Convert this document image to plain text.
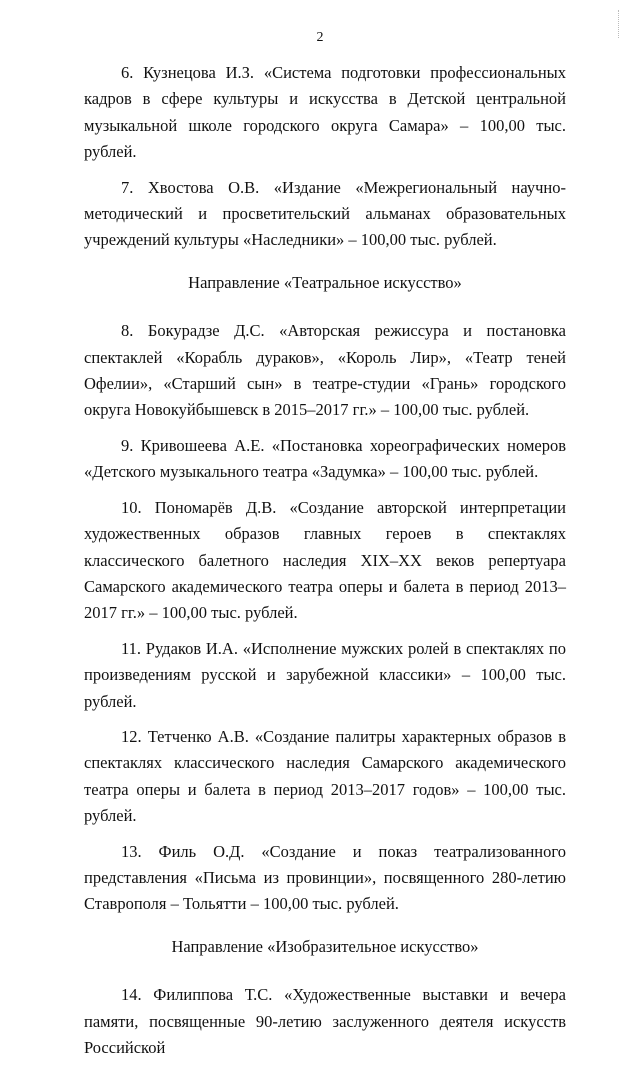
2

6. Кузнецова И.З. «Система подготовки профессиональных кадров в сфере культуры и искусства в Детской центральной музыкальной школе городского округа Самара» – 100,00 тыс. рублей.

7. Хвостова О.В. «Издание «Межрегиональный научно-методический и просветительский альманах образовательных учреждений культуры «Наследники» – 100,00 тыс. рублей.

Направление «Театральное искусство»

8. Бокурадзе Д.С. «Авторская режиссура и постановка спектаклей «Корабль дураков», «Король Лир», «Театр теней Офелии», «Старший сын» в театре-студии «Грань» городского округа Новокуйбышевск в 2015–2017 гг.» – 100,00 тыс. рублей.

9. Кривошеева А.Е. «Постановка хореографических номеров «Детского музыкального театра «Задумка» – 100,00 тыс. рублей.

10. Пономарёв Д.В. «Создание авторской интерпретации художественных образов главных героев в спектаклях классического балетного наследия XIX–XX веков репертуара Самарского академического театра оперы и балета в период 2013–2017 гг.» – 100,00 тыс. рублей.

11. Рудаков И.А. «Исполнение мужских ролей в спектаклях по произведениям русской и зарубежной классики» – 100,00 тыс. рублей.

12. Тетченко А.В. «Создание палитры характерных образов в спектаклях классического наследия Самарского академического театра оперы и балета в период 2013–2017 годов» – 100,00 тыс. рублей.

13. Филь О.Д. «Создание и показ театрализованного представления «Письма из провинции», посвященного 280-летию Ставрополя – Тольятти – 100,00 тыс. рублей.

Направление «Изобразительное искусство»

14. Филиппова Т.С. «Художественные выставки и вечера памяти, посвященные 90-летию заслуженного деятеля искусств Российской
